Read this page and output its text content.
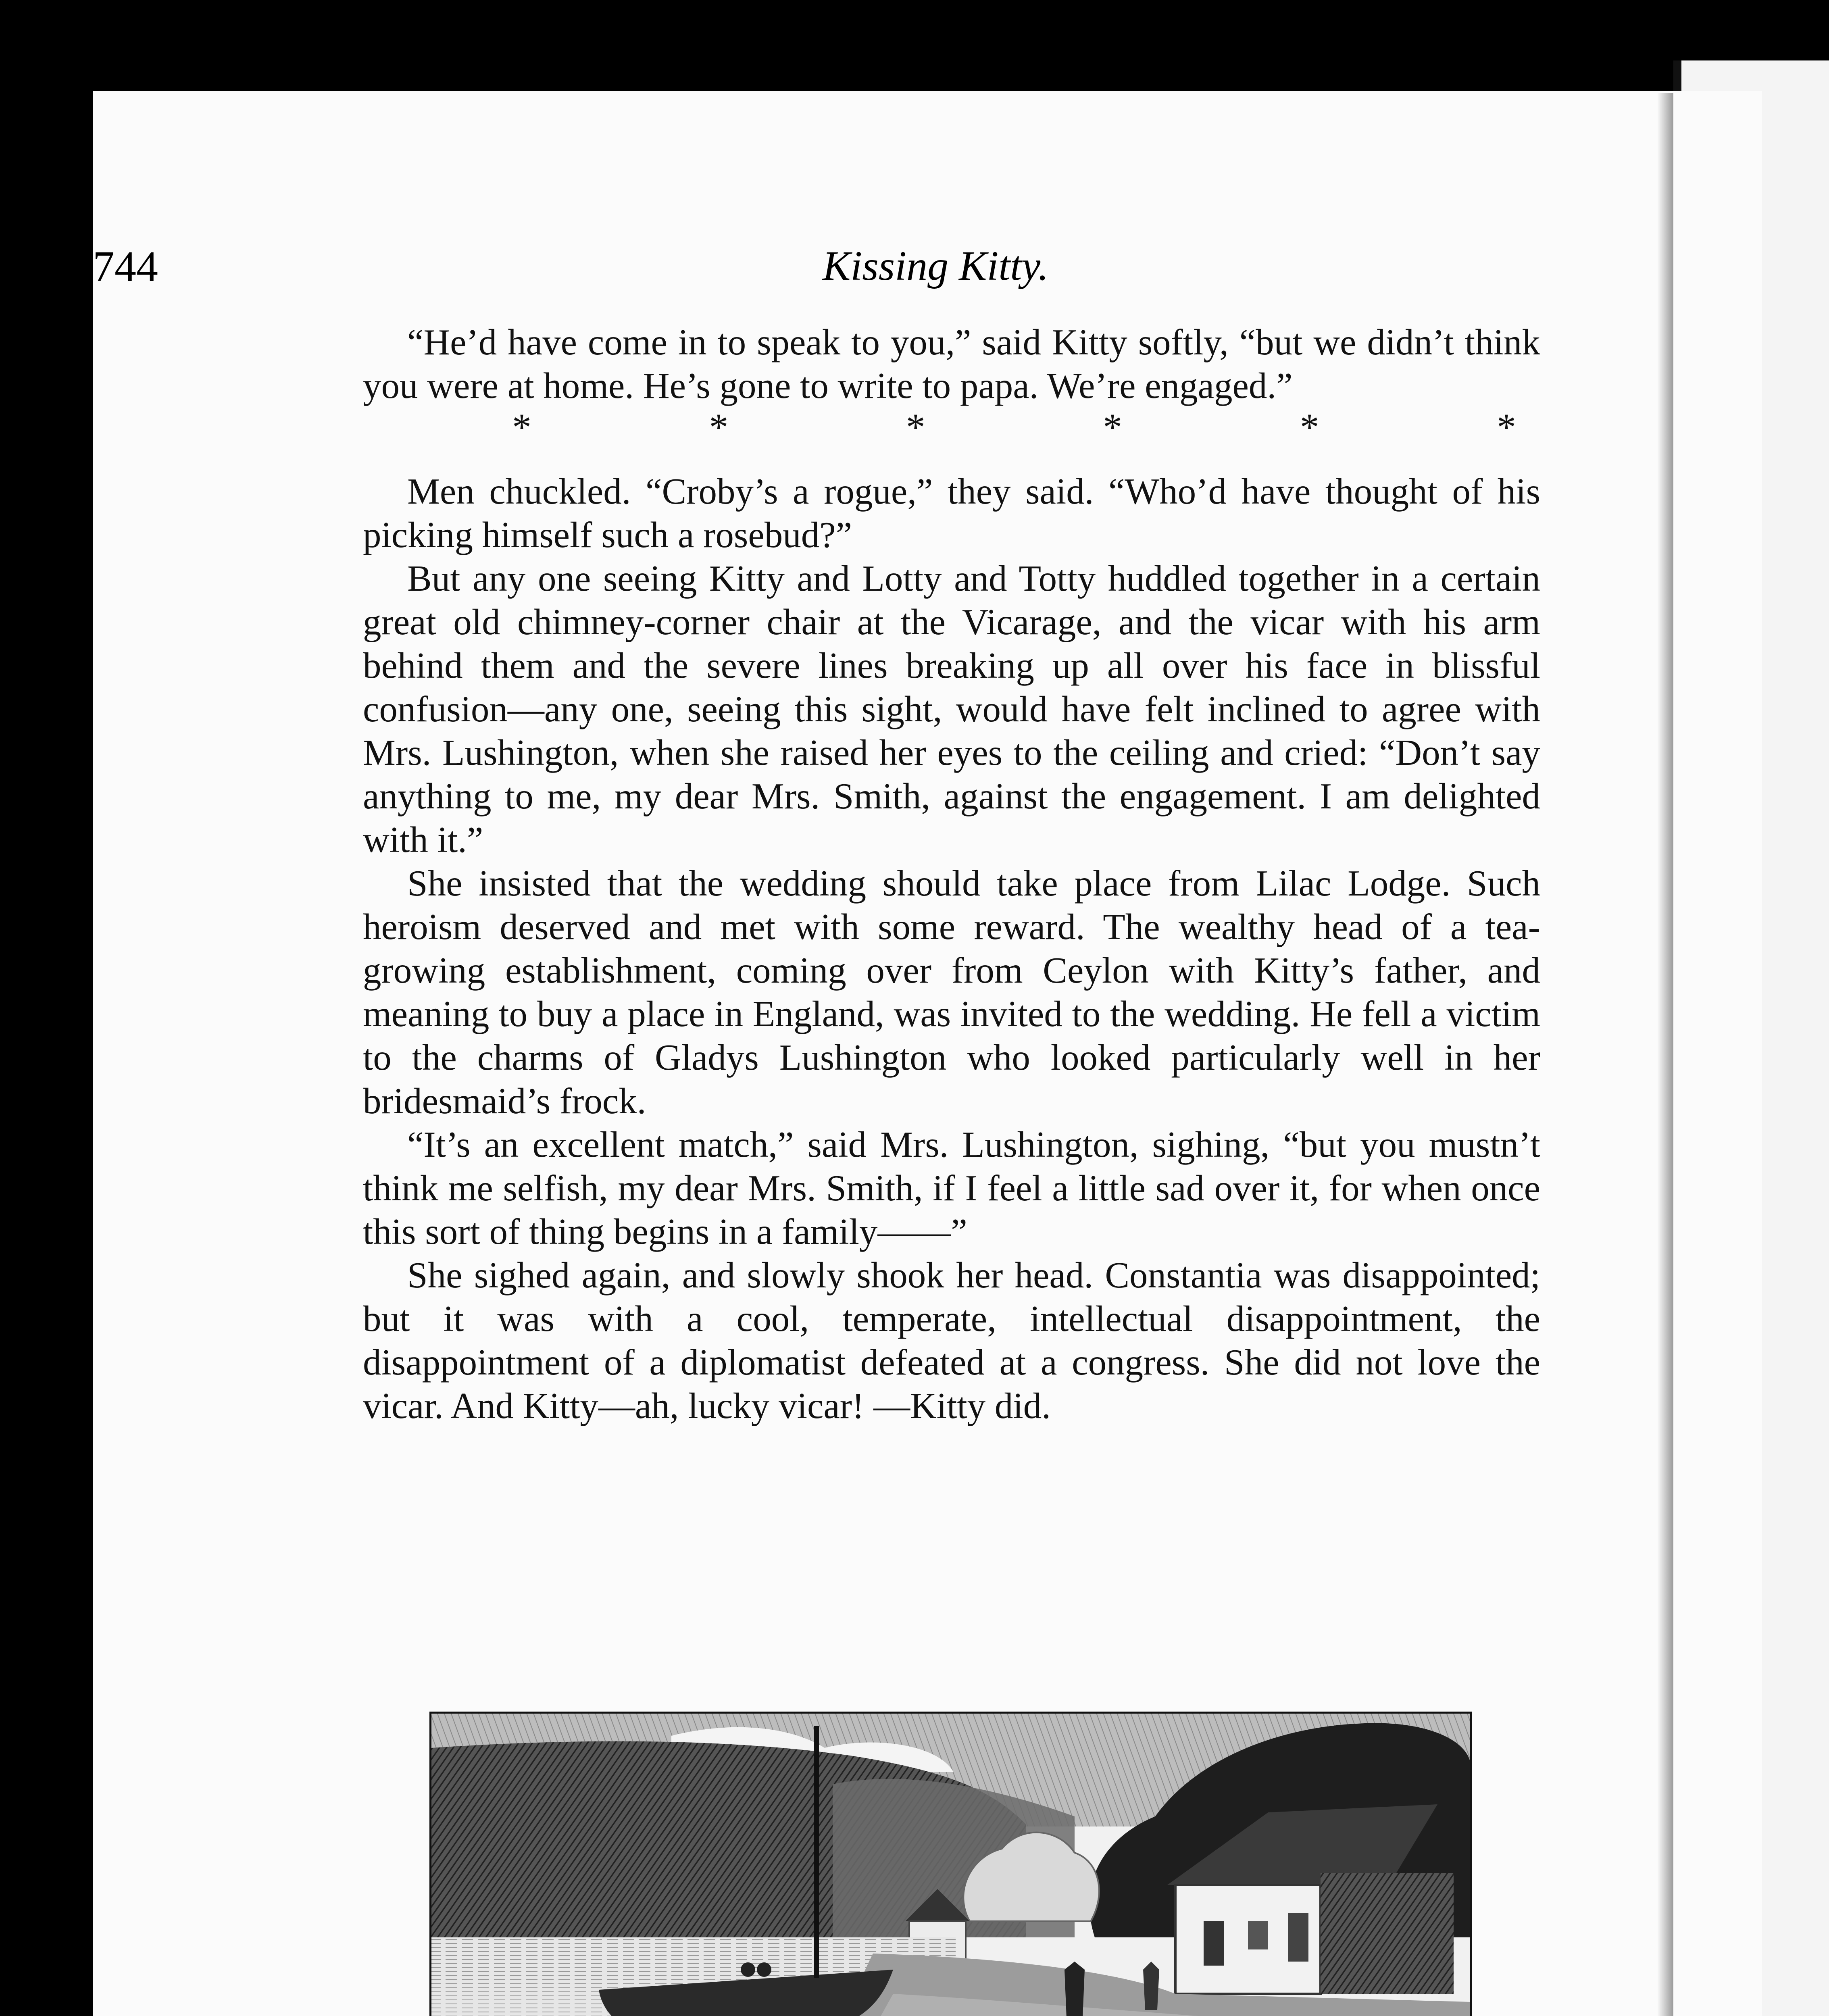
744	Kissing Kitty.

“He’d have come in to speak to you,” said Kitty softly, “but we didn’t think you were at home. He’s gone to write to papa. We’re engaged.”

*	*	*	*	*	*

Men chuckled. “Croby’s a rogue,” they said. “Who’d have thought of his picking himself such a rosebud?”

But any one seeing Kitty and Lotty and Totty huddled together in a certain great old chimney-corner chair at the Vicarage, and the vicar with his arm behind them and the severe lines breaking up all over his face in blissful confusion—any one, seeing this sight, would have felt inclined to agree with Mrs. Lushington, when she raised her eyes to the ceiling and cried: “Don’t say anything to me, my dear Mrs. Smith, against the engagement. I am delighted with it.”

She insisted that the wedding should take place from Lilac Lodge. Such heroism deserved and met with some reward. The wealthy head of a tea-growing establishment, coming over from Ceylon with Kitty’s father, and meaning to buy a place in England, was invited to the wedding. He fell a victim to the charms of Gladys Lushington who looked particularly well in her bridesmaid’s frock.

“It’s an excellent match,” said Mrs. Lushington, sighing, “but you mustn’t think me selfish, my dear Mrs. Smith, if I feel a little sad over it, for when once this sort of thing begins in a family——”

She sighed again, and slowly shook her head. Constantia was disappointed; but it was with a cool, temperate, intellectual disappointment, the disappointment of a diplomatist defeated at a congress. She did not love the vicar. And Kitty—ah, lucky vicar! —Kitty did.
